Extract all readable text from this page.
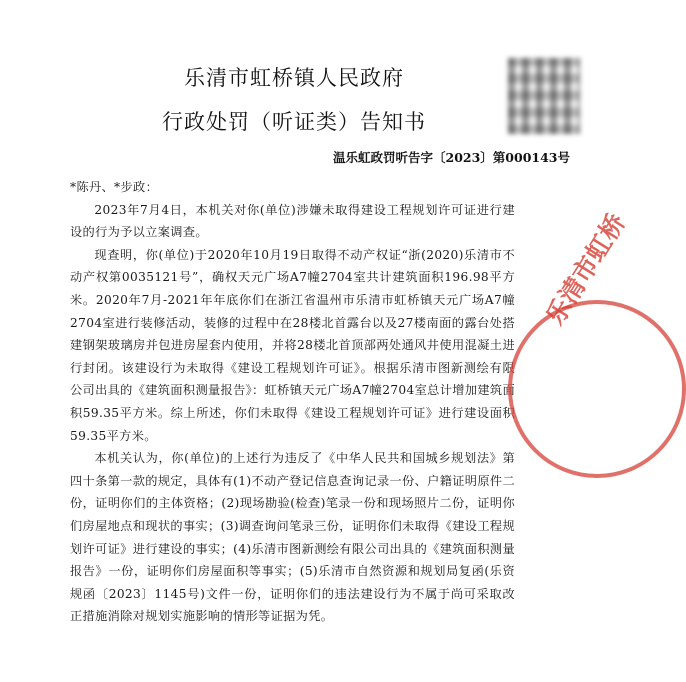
乐清市虹桥镇人民政府
行政处罚（听证类）告知书
温乐虹政罚听告字〔2023〕第000143号

*陈丹、*步政：

2023年7月4日，本机关对你(单位)涉嫌未取得建设工程规划许可证进行建设的行为予以立案调查。

现查明，你(单位)于2020年10月19日取得不动产权证“浙(2020)乐清市不动产权第0035121号”，确权天元广场A7幢2704室共计建筑面积196.98平方米。2020年7月-2021年年底你们在浙江省温州市乐清市虹桥镇天元广场A7幢2704室进行装修活动，装修的过程中在28楼北首露台以及27楼南面的露台处搭建钢架玻璃房并包进房屋套内使用，并将28楼北首顶部两处通风井使用混凝土进行封闭。该建设行为未取得《建设工程规划许可证》。根据乐清市图新测绘有限公司出具的《建筑面积测量报告》：虹桥镇天元广场A7幢2704室总计增加建筑面积59.35平方米。综上所述，你们未取得《建设工程规划许可证》进行建设面积59.35平方米。

本机关认为，你(单位)的上述行为违反了《中华人民共和国城乡规划法》第四十条第一款的规定，具体有(1)不动产登记信息查询记录一份、户籍证明原件二份，证明你们的主体资格；(2)现场勘验(检查)笔录一份和现场照片二份，证明你们房屋地点和现状的事实；(3)调查询问笔录三份，证明你们未取得《建设工程规划许可证》进行建设的事实；(4)乐清市图新测绘有限公司出具的《建筑面积测量报告》一份，证明你们房屋面积等事实；(5)乐清市自然资源和规划局复函(乐资规函〔2023〕1145号)文件一份，证明你们的违法建设行为不属于尚可采取改正措施消除对规划实施影响的情形等证据为凭。

乐清市虹桥
